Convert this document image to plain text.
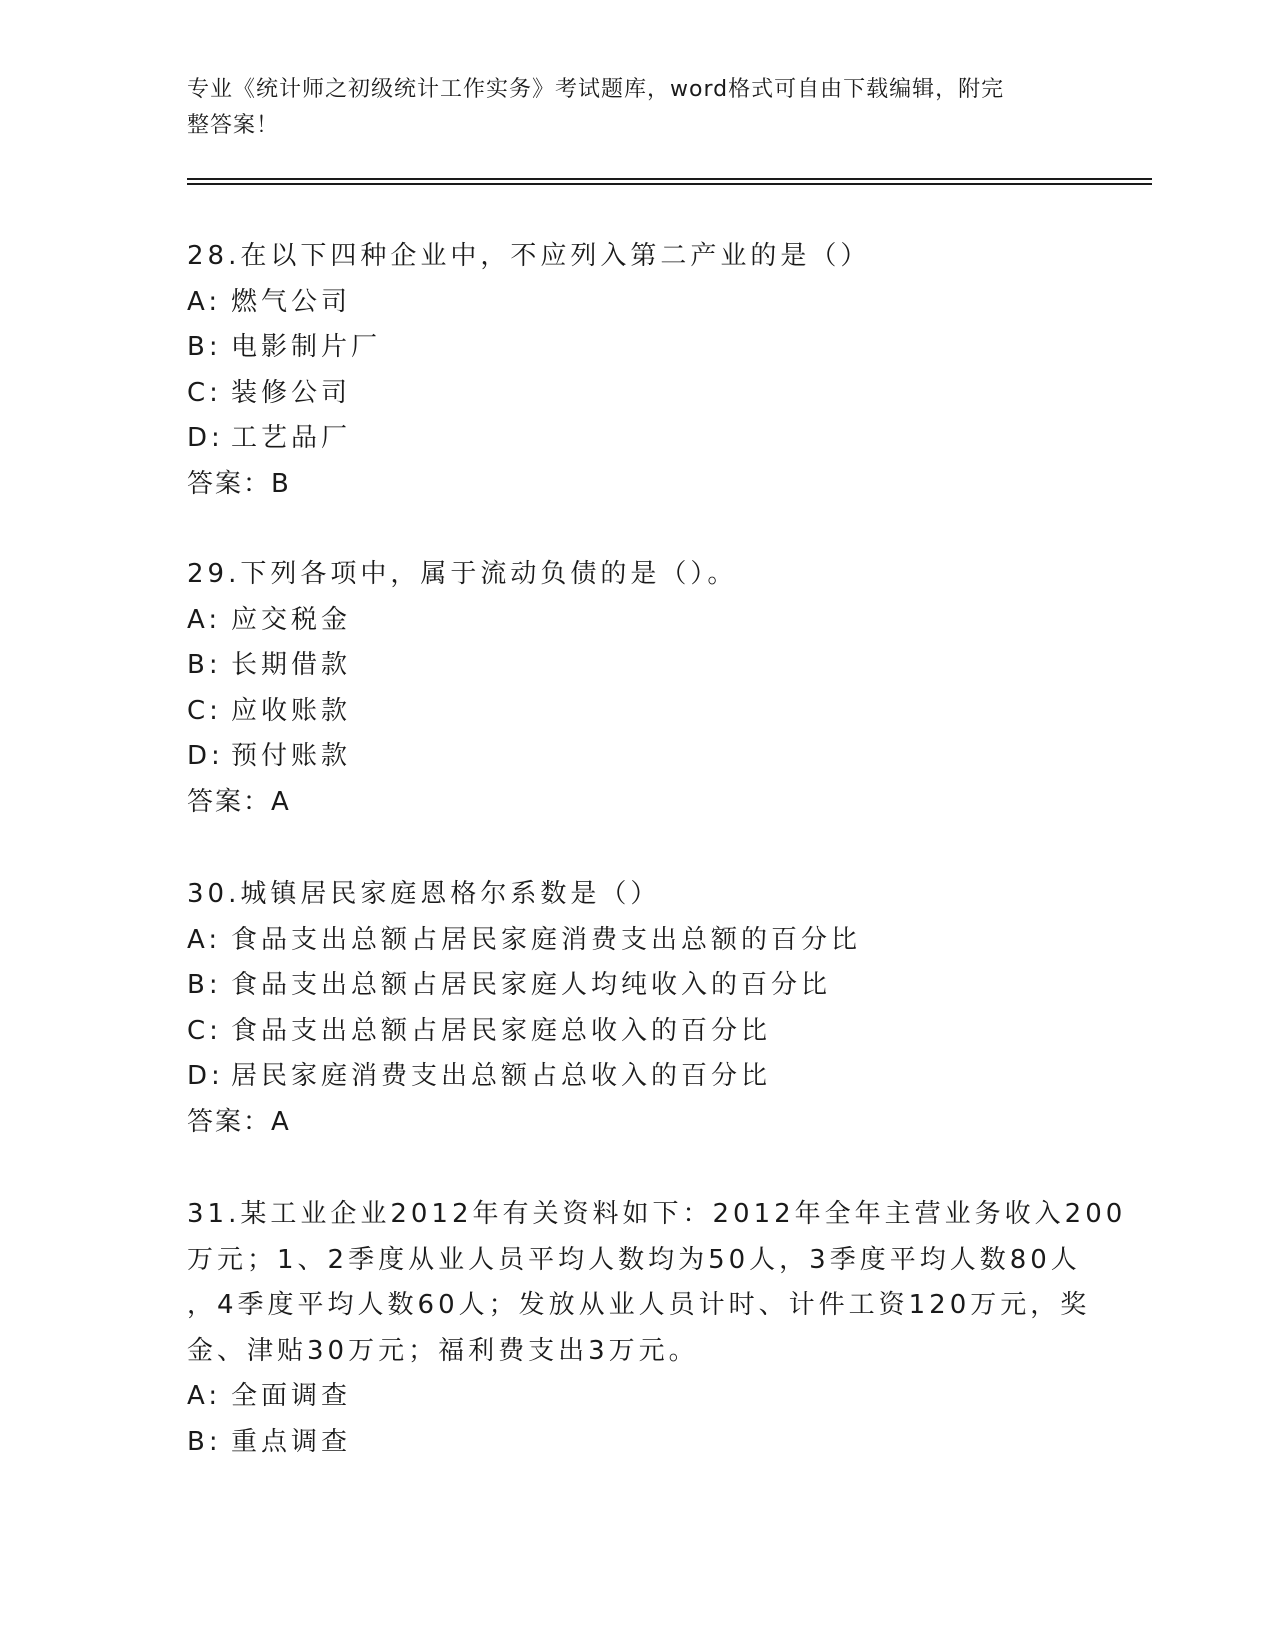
专业《统计师之初级统计工作实务》考试题库，word格式可自由下载编辑，附完
整答案！
28.在以下四种企业中，不应列入第二产业的是（）
A: 燃气公司
B: 电影制片厂
C: 装修公司
D: 工艺品厂
答案：B
29.下列各项中，属于流动负债的是（）。
A: 应交税金
B: 长期借款
C: 应收账款
D: 预付账款
答案：A
30.城镇居民家庭恩格尔系数是（）
A: 食品支出总额占居民家庭消费支出总额的百分比
B: 食品支出总额占居民家庭人均纯收入的百分比
C: 食品支出总额占居民家庭总收入的百分比
D: 居民家庭消费支出总额占总收入的百分比
答案：A
31.某工业企业2012年有关资料如下：2012年全年主营业务收入200
万元；1、2季度从业人员平均人数均为50人，3季度平均人数80人
，4季度平均人数60人；发放从业人员计时、计件工资120万元，奖
金、津贴30万元；福利费支出3万元。
A: 全面调查
B: 重点调查
